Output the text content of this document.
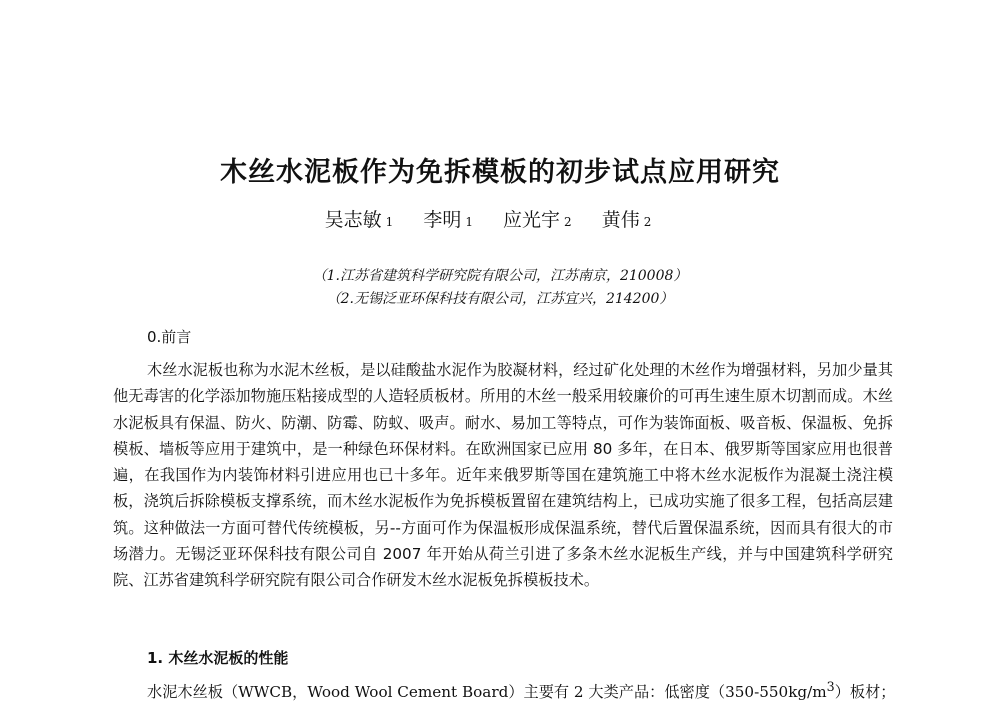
木丝水泥板作为免拆模板的初步试点应用研究
吴志敏 1 李明 1 应光宇 2 黄伟 2
（1.江苏省建筑科学研究院有限公司，江苏南京，210008）
（2.无锡泛亚环保科技有限公司，江苏宜兴，214200）
0.前言

木丝水泥板也称为水泥木丝板，是以硅酸盐水泥作为胶凝材料，经过矿化处理的木丝作为增强材料，另加少量其他无毒害的化学添加物施压粘接成型的人造轻质板材。所用的木丝一般采用较廉价的可再生速生原木切割而成。木丝水泥板具有保温、防火、防潮、防霉、防蚁、吸声。耐水、易加工等特点，可作为装饰面板、吸音板、保温板、免拆模板、墙板等应用于建筑中，是一种绿色环保材料。在欧洲国家已应用 80 多年，在日本、俄罗斯等国家应用也很普遍，在我国作为内装饰材料引进应用也已十多年。近年来俄罗斯等国在建筑施工中将木丝水泥板作为混凝土浇注模板，浇筑后拆除模板支撑系统，而木丝水泥板作为免拆模板置留在建筑结构上，已成功实施了很多工程，包括高层建筑。这种做法一方面可替代传统模板，另--方面可作为保温板形成保温系统，替代后置保温系统，因而具有很大的市场潜力。无锡泛亚环保科技有限公司自 2007 年开始从荷兰引进了多条木丝水泥板生产线，并与中国建筑科学研究院、江苏省建筑科学研究院有限公司合作研发木丝水泥板免拆模板技术。

1. 木丝水泥板的性能
水泥木丝板（WWCB，Wood Wool Cement Board）主要有 2 大类产品：低密度$(350-550kg/m^3)$板材；
